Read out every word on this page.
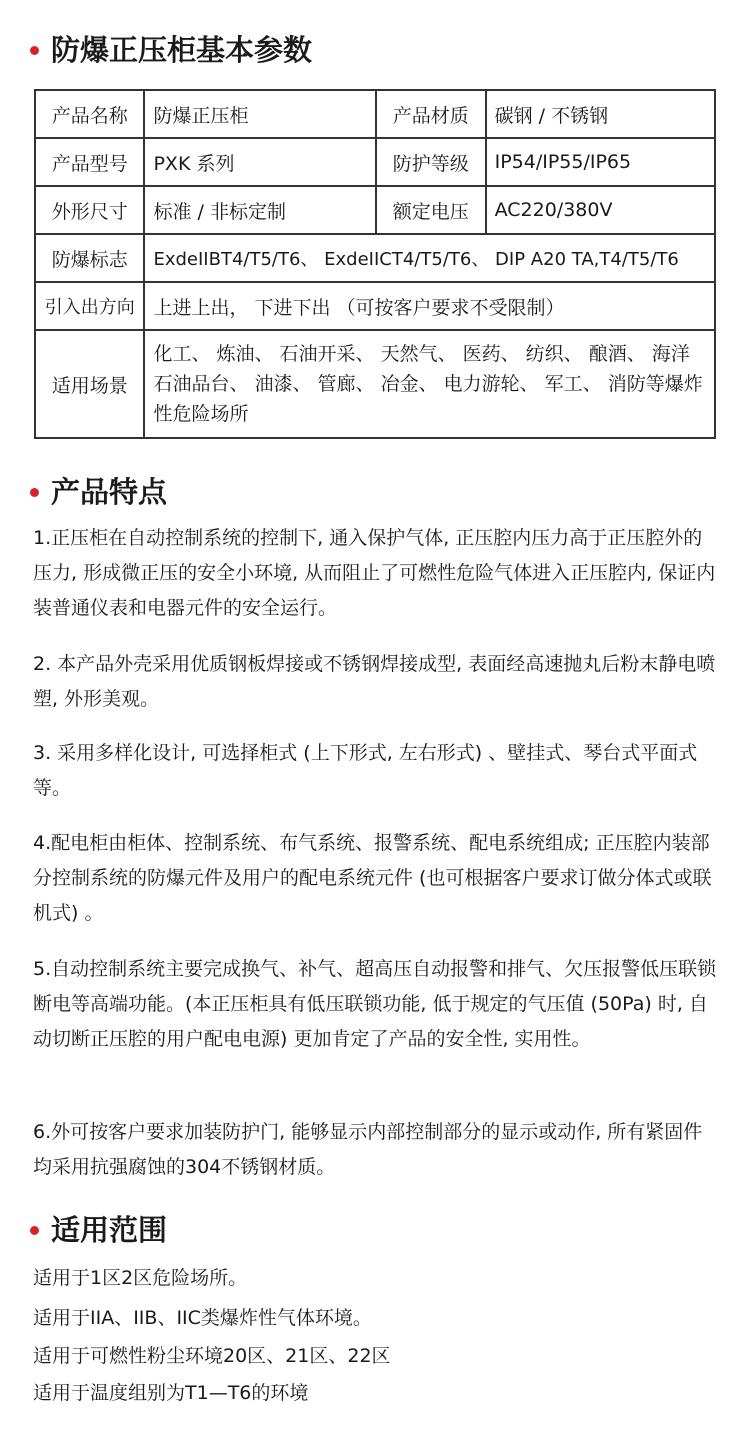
防爆正压柜基本参数
产品名称	防爆正压柜	产品材质	碳钢 / 不锈钢
产品型号	PXK 系列	防护等级	IP54/IP55/IP65
外形尺寸	标准 / 非标定制	额定电压	AC220/380V
防爆标志	ExdeIIBT4/T5/T6、 ExdeIICT4/T5/T6、 DIP A20 TA,T4/T5/T6		
引入出方向	上进上出， 下进下出 （可按客户要求不受限制）		
适用场景	化工、 炼油、 石油开采、 天然气、 医药、 纺织、 酿酒、 海洋石油品台、 油漆、 管廊、 冶金、 电力游轮、 军工、 消防等爆炸性危险场所		
产品特点

1.正压柜在自动控制系统的控制下, 通入保护气体, 正压腔内压力高于正压腔外的压力, 形成微正压的安全小环境, 从而阻止了可燃性危险气体进入正压腔内, 保证内装普通仪表和电器元件的安全运行。

2. 本产品外壳采用优质钢板焊接或不锈钢焊接成型, 表面经高速抛丸后粉末静电喷塑, 外形美观。

3. 采用多样化设计, 可选择柜式 (上下形式, 左右形式) 、壁挂式、琴台式平面式等。

4.配电柜由柜体、控制系统、布气系统、报警系统、配电系统组成; 正压腔内装部分控制系统的防爆元件及用户的配电系统元件 (也可根据客户要求订做分体式或联机式) 。

5.自动控制系统主要完成换气、补气、超高压自动报警和排气、欠压报警低压联锁断电等高端功能。(本正压柜具有低压联锁功能, 低于规定的气压值 (50Pa) 时, 自动切断正压腔的用户配电电源) 更加肯定了产品的安全性, 实用性。

6.外可按客户要求加装防护门, 能够显示内部控制部分的显示或动作, 所有紧固件均采用抗强腐蚀的304不锈钢材质。

适用范围
适用于1区2区危险场所。
适用于IIA、IIB、IIC类爆炸性气体环境。
适用于可燃性粉尘环境20区、21区、22区
适用于温度组别为T1—T6的环境
